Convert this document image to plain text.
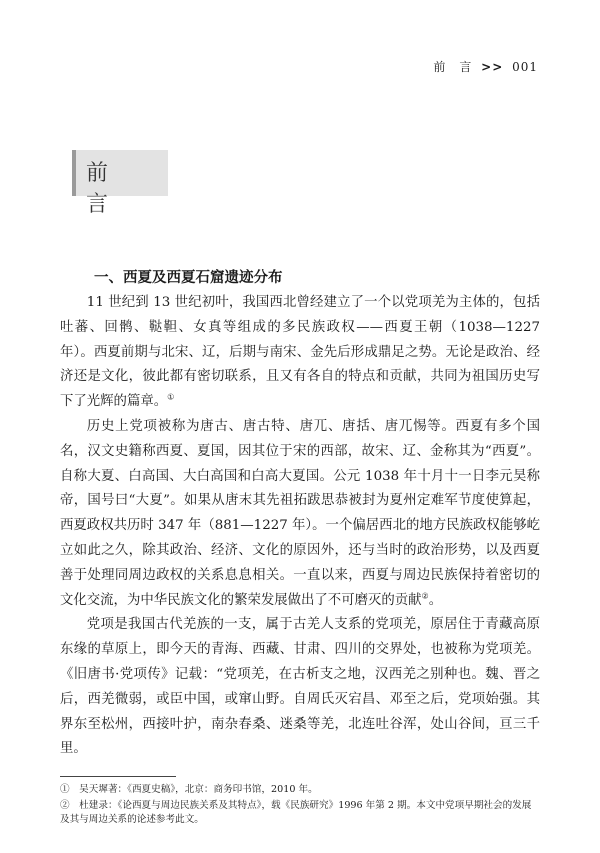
前　言 >> 001
前　言
一、西夏及西夏石窟遗迹分布

11 世纪到 13 世纪初叶，我国西北曾经建立了一个以党项羌为主体的，包括吐蕃、回鹘、鞑靼、女真等组成的多民族政权——西夏王朝（1038—1227 年）。西夏前期与北宋、辽，后期与南宋、金先后形成鼎足之势。无论是政治、经济还是文化，彼此都有密切联系，且又有各自的特点和贡献，共同为祖国历史写下了光辉的篇章。①

历史上党项被称为唐古、唐古特、唐兀、唐括、唐兀惕等。西夏有多个国名，汉文史籍称西夏、夏国，因其位于宋的西部，故宋、辽、金称其为“西夏”。自称大夏、白高国、大白高国和白高大夏国。公元 1038 年十月十一日李元昊称帝，国号曰“大夏”。如果从唐末其先祖拓跋思恭被封为夏州定难军节度使算起，西夏政权共历时 347 年（881—1227 年）。一个偏居西北的地方民族政权能够屹立如此之久，除其政治、经济、文化的原因外，还与当时的政治形势，以及西夏善于处理同周边政权的关系息息相关。一直以来，西夏与周边民族保持着密切的文化交流，为中华民族文化的繁荣发展做出了不可磨灭的贡献②。

党项是我国古代羌族的一支，属于古羌人支系的党项羌，原居住于青藏高原东缘的草原上，即今天的青海、西藏、甘肃、四川的交界处，也被称为党项羌。《旧唐书·党项传》记载：“党项羌，在古析支之地，汉西羌之别种也。魏、晋之后，西羌微弱，或臣中国，或窜山野。自周氏灭宕昌、邓至之后，党项始强。其界东至松州，西接叶护，南杂春桑、迷桑等羌，北连吐谷浑，处山谷间，亘三千里。

①　吴天墀著：《西夏史稿》，北京：商务印书馆，2010 年。
②　杜建录：《论西夏与周边民族关系及其特点》，载《民族研究》1996 年第 2 期。本文中党项早期社会的发展及其与周边关系的论述参考此文。
